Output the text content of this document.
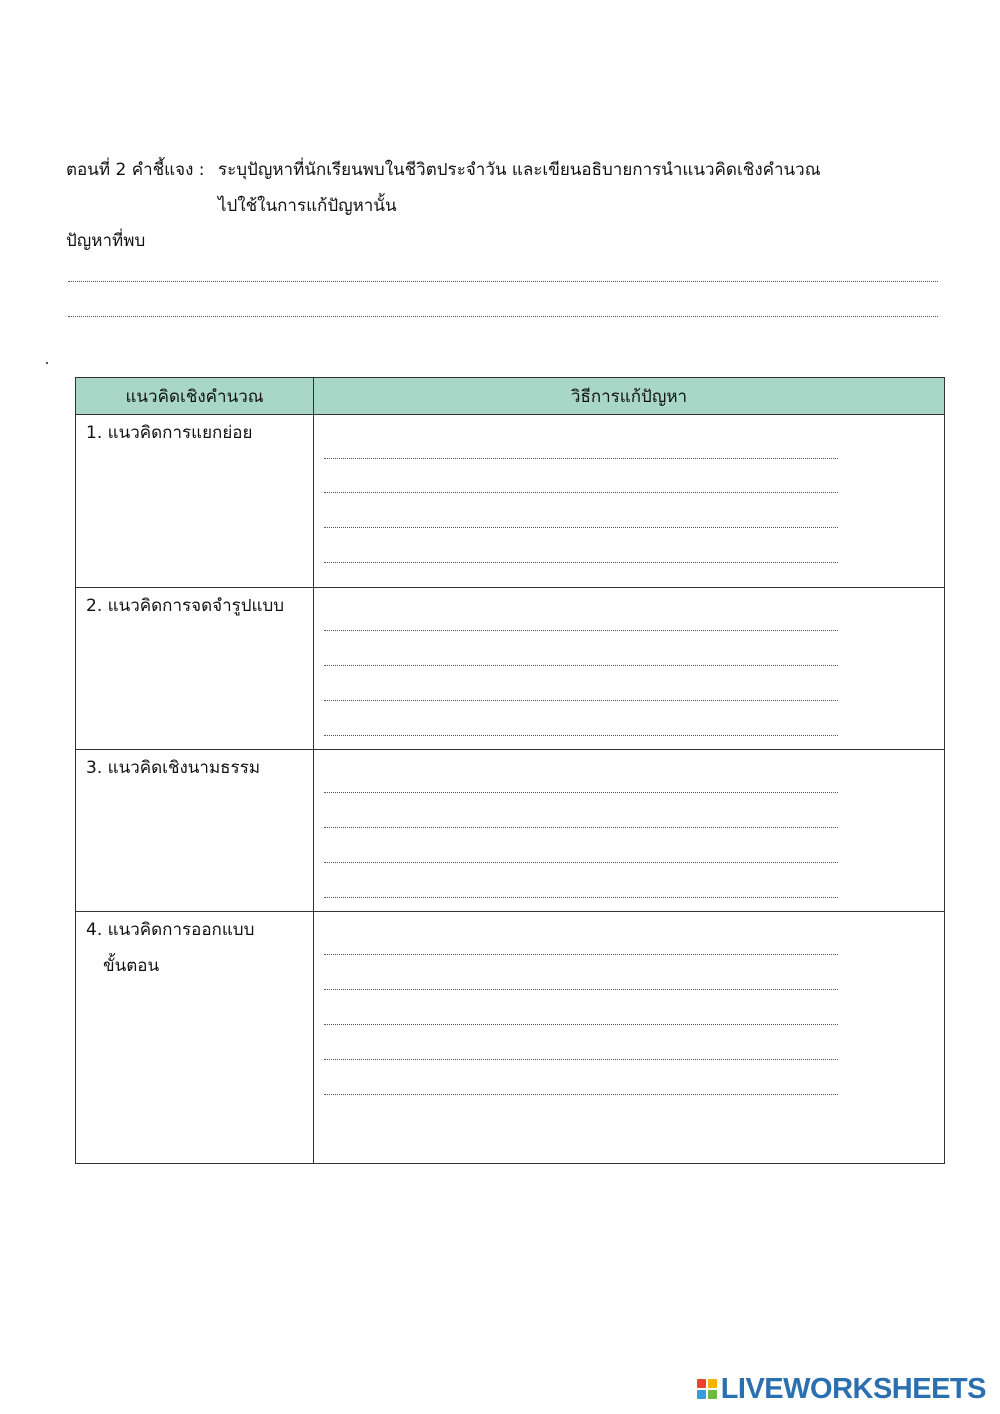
ตอนที่ 2 คำชี้แจง : ระบุปัญหาที่นักเรียนพบในชีวิตประจำวัน และเขียนอธิบายการนำแนวคิดเชิงคำนวณ
ไปใช้ในการแก้ปัญหานั้น
ปัญหาที่พบ
แนวคิดเชิงคำนวณ	วิธีการแก้ปัญหา
1. แนวคิดการแยกย่อย
2. แนวคิดการจดจำรูปแบบ
3. แนวคิดเชิงนามธรรม
4. แนวคิดการออกแบบ
ขั้นตอน
LIVEWORKSHEETS
